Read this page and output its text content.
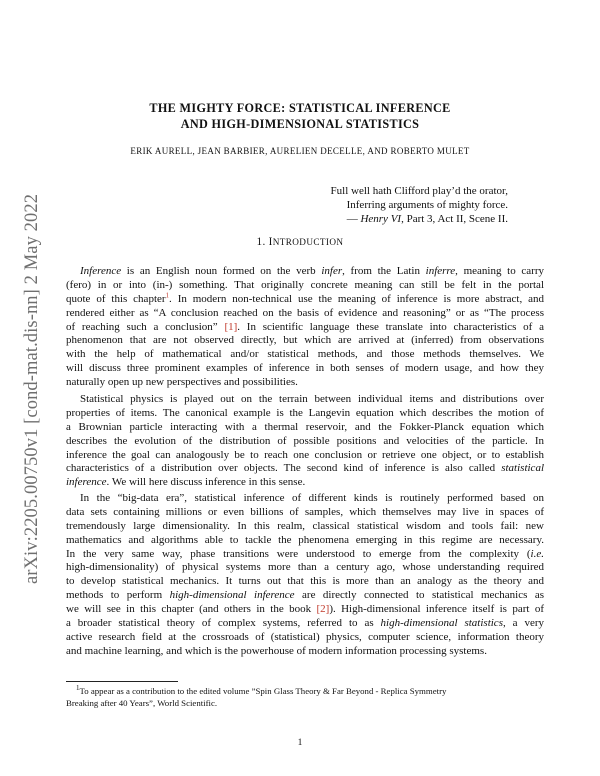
arXiv:2205.00750v1 [cond-mat.dis-nn] 2 May 2022
THE MIGHTY FORCE: STATISTICAL INFERENCE
AND HIGH-DIMENSIONAL STATISTICS
ERIK AURELL, JEAN BARBIER, AURELIEN DECELLE, AND ROBERTO MULET
Full well hath Clifford play’d the orator,
Inferring arguments of mighty force.
— Henry VI, Part 3, Act II, Scene II.
1. INTRODUCTION
Inference is an English noun formed on the verb infer, from the Latin inferre, meaning to carry
(fero) in or into (in-) something. That originally concrete meaning can still be felt in the portal
quote of this chapter$^1$. In modern non-technical use the meaning of inference is more abstract, and
rendered either as “A conclusion reached on the basis of evidence and reasoning” or as “The process
of reaching such a conclusion” [1]. In scientific language these translate into characteristics of a
phenomenon that are not observed directly, but which are arrived at (inferred) from observations
with the help of mathematical and/or statistical methods, and those methods themselves. We
will discuss three prominent examples of inference in both senses of modern usage, and how they
naturally open up new perspectives and possibilities.
Statistical physics is played out on the terrain between individual items and distributions over
properties of items. The canonical example is the Langevin equation which describes the motion of
a Brownian particle interacting with a thermal reservoir, and the Fokker-Planck equation which
describes the evolution of the distribution of possible positions and velocities of the particle. In
inference the goal can analogously be to reach one conclusion or retrieve one object, or to establish
characteristics of a distribution over objects. The second kind of inference is also called statistical
inference. We will here discuss inference in this sense.
In the “big-data era”, statistical inference of different kinds is routinely performed based on
data sets containing millions or even billions of samples, which themselves may live in spaces of
tremendously large dimensionality. In this realm, classical statistical wisdom and tools fail: new
mathematics and algorithms able to tackle the phenomena emerging in this regime are necessary.
In the very same way, phase transitions were understood to emerge from the complexity (i.e.
high-dimensionality) of physical systems more than a century ago, whose understanding required
to develop statistical mechanics. It turns out that this is more than an analogy as the theory and
methods to perform high-dimensional inference are directly connected to statistical mechanics as
we will see in this chapter (and others in the book [2]). High-dimensional inference itself is part of
a broader statistical theory of complex systems, referred to as high-dimensional statistics, a very
active research field at the crossroads of (statistical) physics, computer science, information theory
and machine learning, and which is the powerhouse of modern information processing systems.
$^1$To appear as a contribution to the edited volume ”Spin Glass Theory & Far Beyond - Replica Symmetry
Breaking after 40 Years”, World Scientific.
1
